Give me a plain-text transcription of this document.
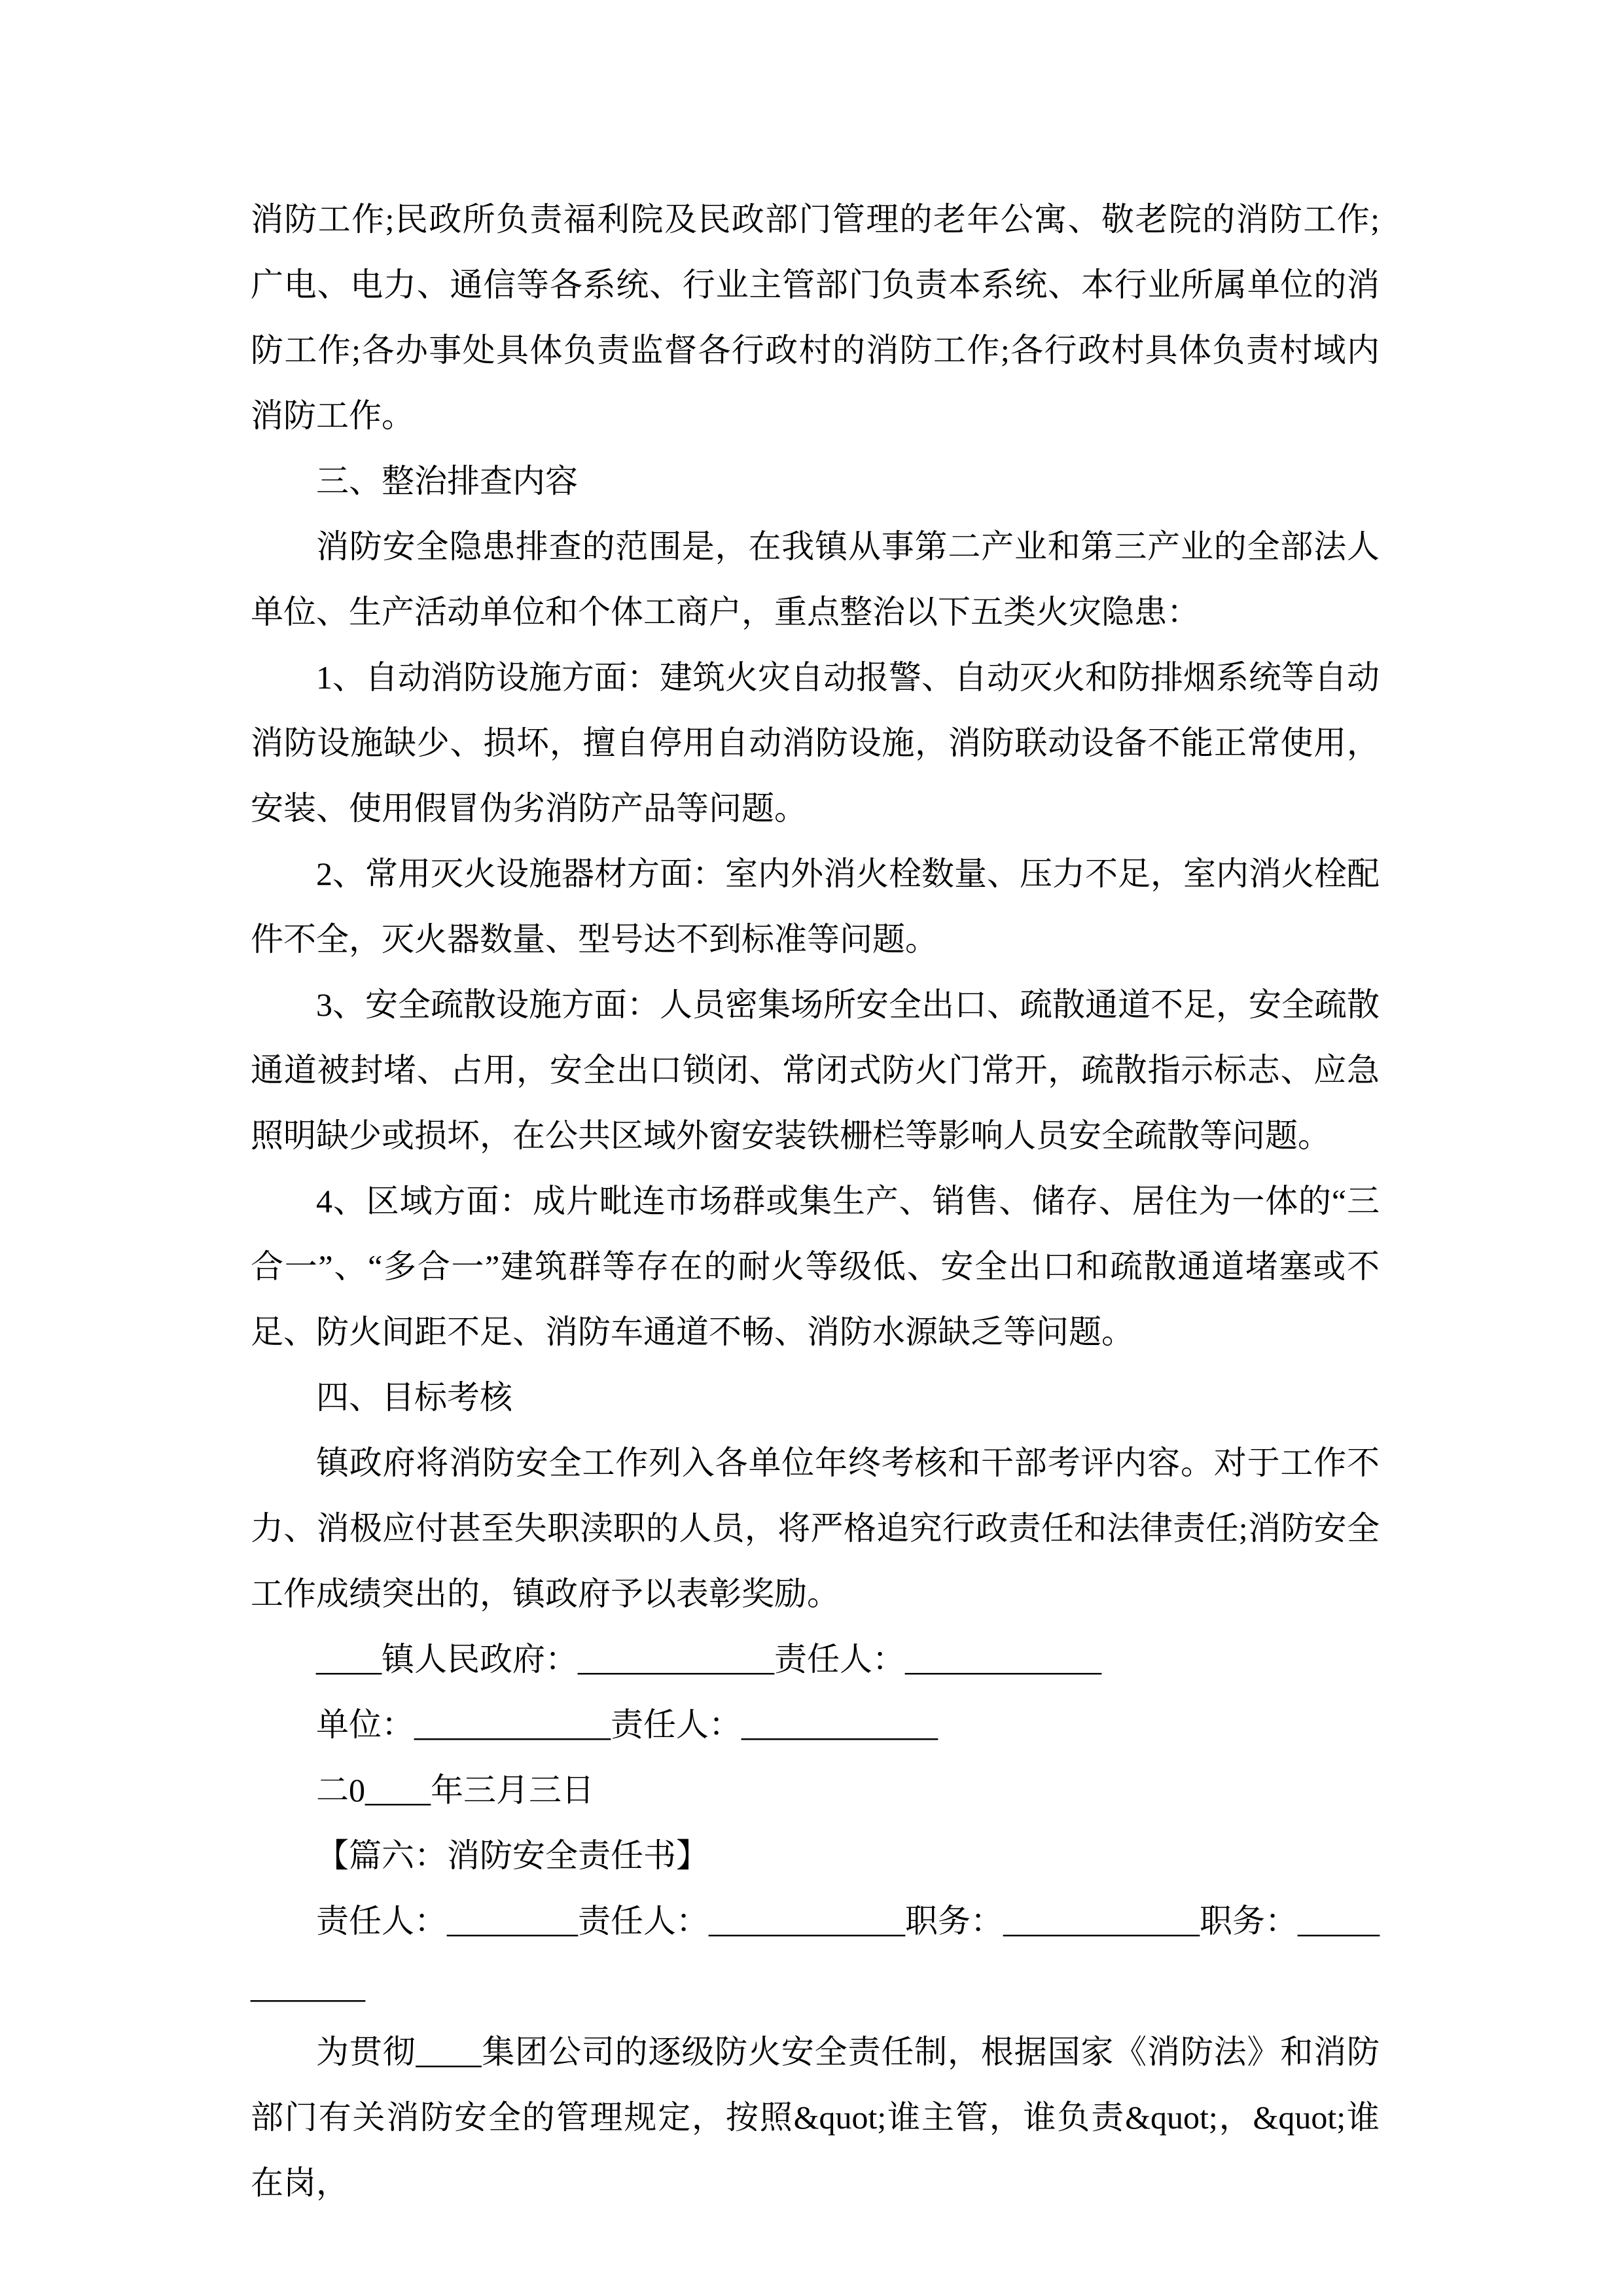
消防工作;民政所负责福利院及民政部门管理的老年公寓、敬老院的消防工作;广电、电力、通信等各系统、行业主管部门负责本系统、本行业所属单位的消防工作;各办事处具体负责监督各行政村的消防工作;各行政村具体负责村域内消防工作。

三、整治排查内容

消防安全隐患排查的范围是，在我镇从事第二产业和第三产业的全部法人单位、生产活动单位和个体工商户，重点整治以下五类火灾隐患：

1、自动消防设施方面：建筑火灾自动报警、自动灭火和防排烟系统等自动消防设施缺少、损坏，擅自停用自动消防设施，消防联动设备不能正常使用，安装、使用假冒伪劣消防产品等问题。

2、常用灭火设施器材方面：室内外消火栓数量、压力不足，室内消火栓配件不全，灭火器数量、型号达不到标准等问题。

3、安全疏散设施方面：人员密集场所安全出口、疏散通道不足，安全疏散通道被封堵、占用，安全出口锁闭、常闭式防火门常开，疏散指示标志、应急照明缺少或损坏，在公共区域外窗安装铁栅栏等影响人员安全疏散等问题。

4、区域方面：成片毗连市场群或集生产、销售、储存、居住为一体的“三合一”、“多合一”建筑群等存在的耐火等级低、安全出口和疏散通道堵塞或不足、防火间距不足、消防车通道不畅、消防水源缺乏等问题。

四、目标考核

镇政府将消防安全工作列入各单位年终考核和干部考评内容。对于工作不力、消极应付甚至失职渎职的人员，将严格追究行政责任和法律责任;消防安全工作成绩突出的，镇政府予以表彰奖励。

____镇人民政府：____________责任人：____________

单位：____________责任人：____________

二0____年三月三日

【篇六：消防安全责任书】

责任人：________责任人：____________职务：____________职务：____________

为贯彻____集团公司的逐级防火安全责任制，根据国家《消防法》和消防部门有关消防安全的管理规定，按照&quot;谁主管，谁负责&quot;，&quot;谁在岗，
